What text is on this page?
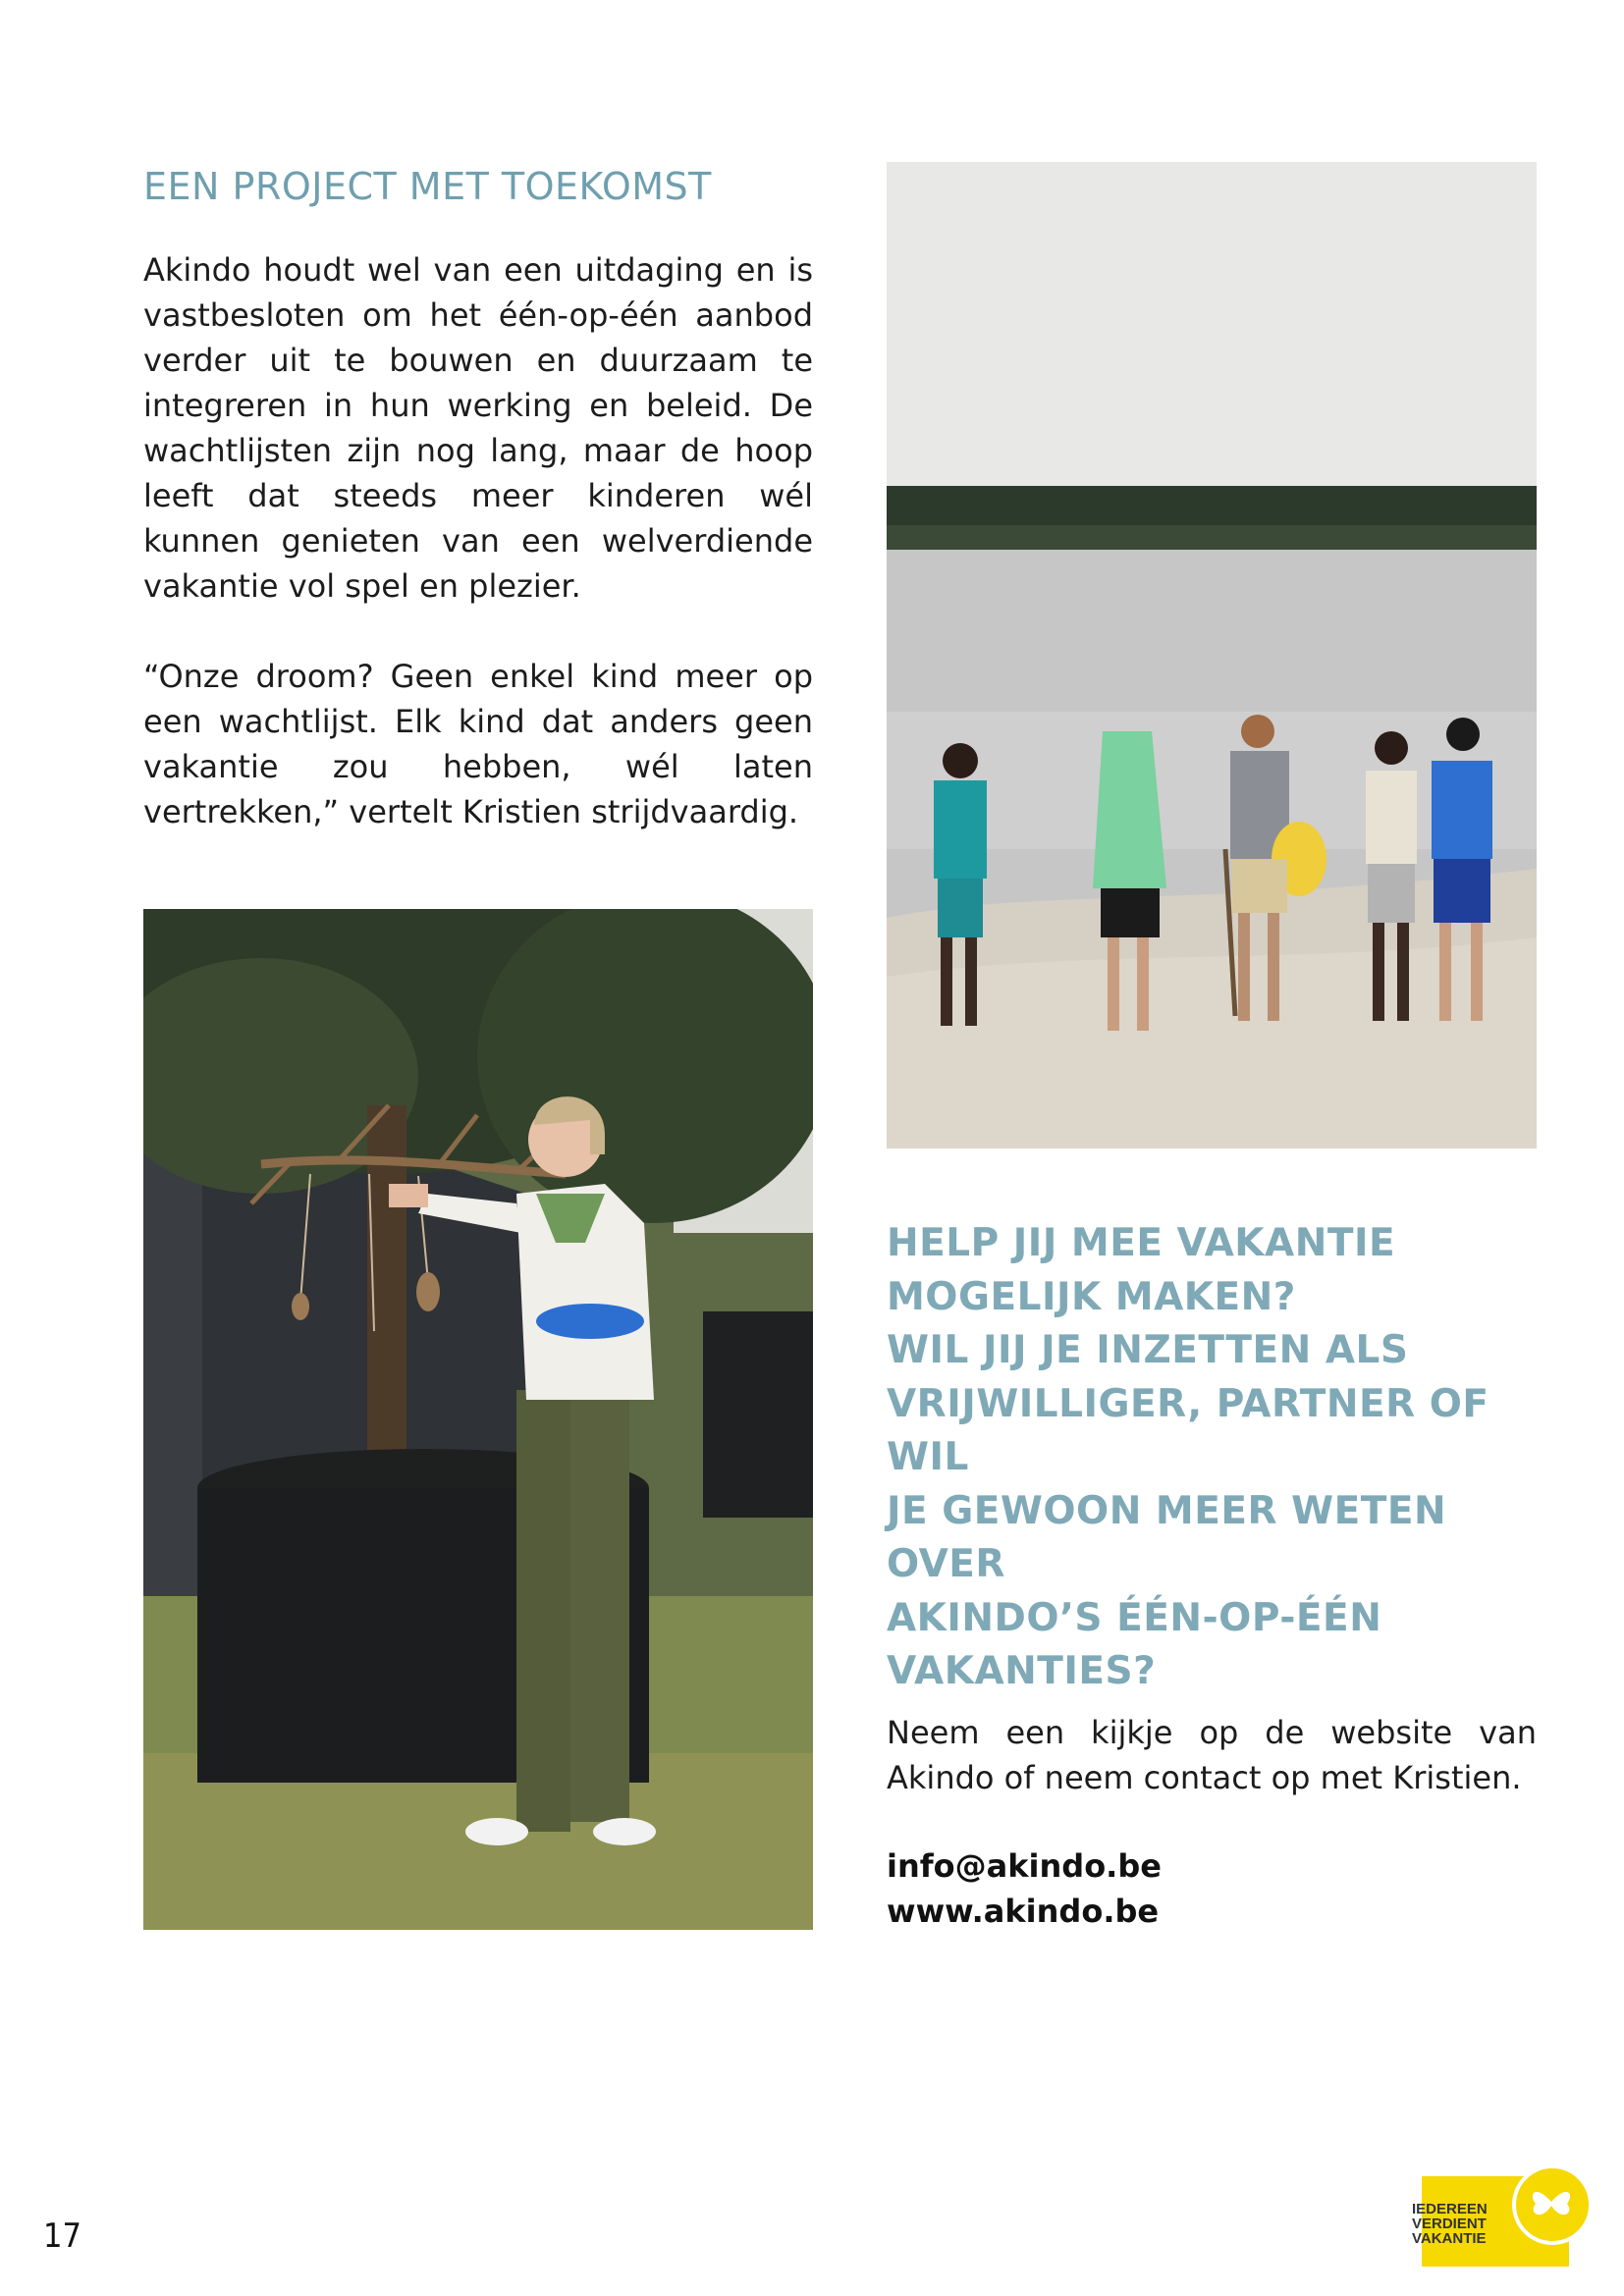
EEN PROJECT MET TOEKOMST

Akindo houdt wel van een uitdaging en is vastbesloten om het één-op-één aanbod verder uit te bouwen en duurzaam te integreren in hun werking en beleid. De wachtlijsten zijn nog lang, maar de hoop leeft dat steeds meer kinderen wél kunnen genieten van een welverdiende vakantie vol spel en plezier.

“Onze droom? Geen enkel kind meer op een wachtlijst. Elk kind dat anders geen vakantie zou hebben, wél laten vertrekken,” vertelt Kristien strijdvaardig.

HELP JIJ MEE VAKANTIE
MOGELIJK MAKEN?
WIL JIJ JE INZETTEN ALS
VRIJWILLIGER, PARTNER OF WIL
JE GEWOON MEER WETEN OVER
AKINDO’S ÉÉN-OP-ÉÉN
VAKANTIES?

Neem een kijkje op de website van Akindo of neem contact op met Kristien.

info@akindo.be
www.akindo.be
17
IEDEREEN
VERDIENT
VAKANTIE
